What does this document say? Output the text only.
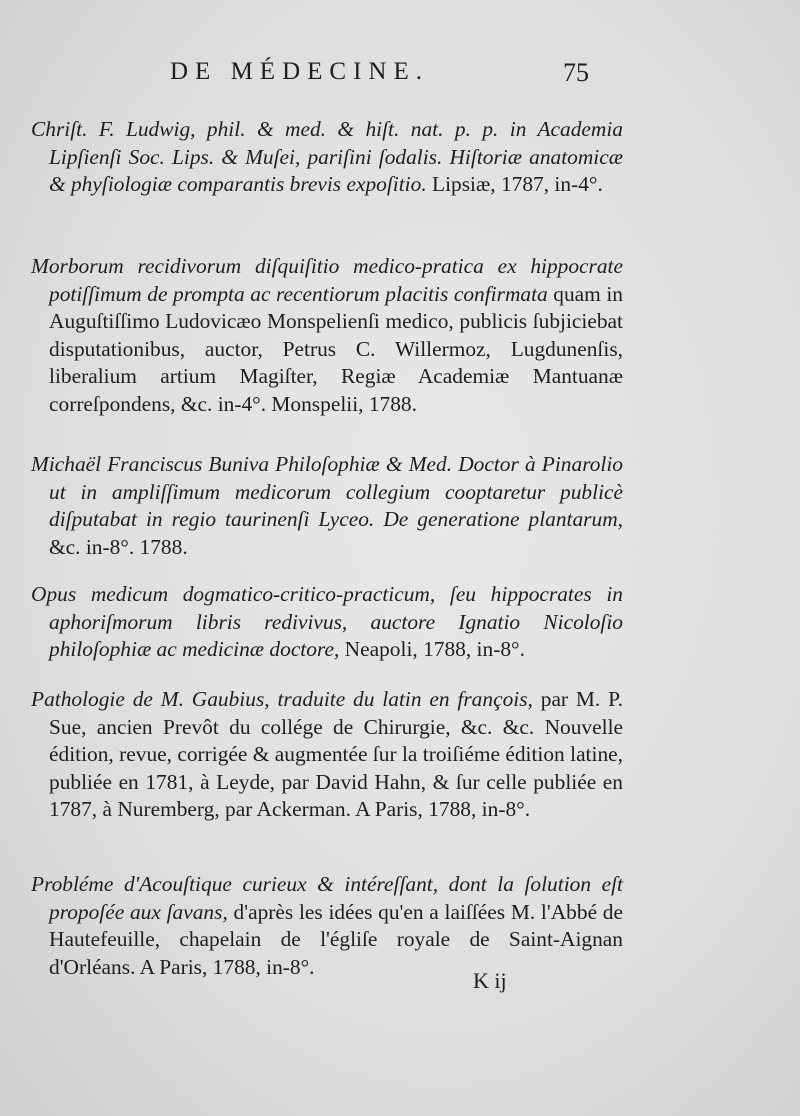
DE MÉDECINE.	75

Chriſt. F. Ludwig, phil. & med. & hiſt. nat. p. p. in Academia Lipſienſi Soc. Lips. & Muſei, pariſini ſodalis. Hiſtoriæ anatomicæ & phyſiologiæ comparantis brevis expoſitio. Lipsiæ, 1787, in-4°.

Morborum recidivorum diſquiſitio medico-pratica ex hippocrate potiſſimum de prompta ac recentiorum placitis confirmata quam in Auguſtiſſimo Ludovicæo Monspelienſi medico, publicis ſubjiciebat disputationibus, auctor, Petrus C. Willermoz, Lugdunenſis, liberalium artium Magiſter, Regiæ Academiæ Mantuanæ correſpondens, &c. in-4°. Monspelii, 1788.

Michaël Franciscus Buniva Philoſophiæ & Med. Doctor à Pinarolio ut in ampliſſimum medicorum collegium cooptaretur publicè diſputabat in regio taurinenſi Lyceo. De generatione plantarum, &c. in-8°. 1788.

Opus medicum dogmatico-critico-practicum, ſeu hippocrates in aphoriſmorum libris redivivus, auctore Ignatio Nicoloſio philoſophiæ ac medicinæ doctore, Neapoli, 1788, in-8°.

Pathologie de M. Gaubius, traduite du latin en françois, par M. P. Sue, ancien Prevôt du collége de Chirurgie, &c. &c. Nouvelle édition, revue, corrigée & augmentée ſur la troiſiéme édition latine, publiée en 1781, à Leyde, par David Hahn, & ſur celle publiée en 1787, à Nuremberg, par Ackerman. A Paris, 1788, in-8°.

Probléme d'Acouſtique curieux & intéreſſant, dont la ſolution eſt propoſée aux ſavans, d'après les idées qu'en a laiſſées M. l'Abbé de Hautefeuille, chapelain de l'égliſe royale de Saint-Aignan d'Orléans. A Paris, 1788, in-8°.

K ij
